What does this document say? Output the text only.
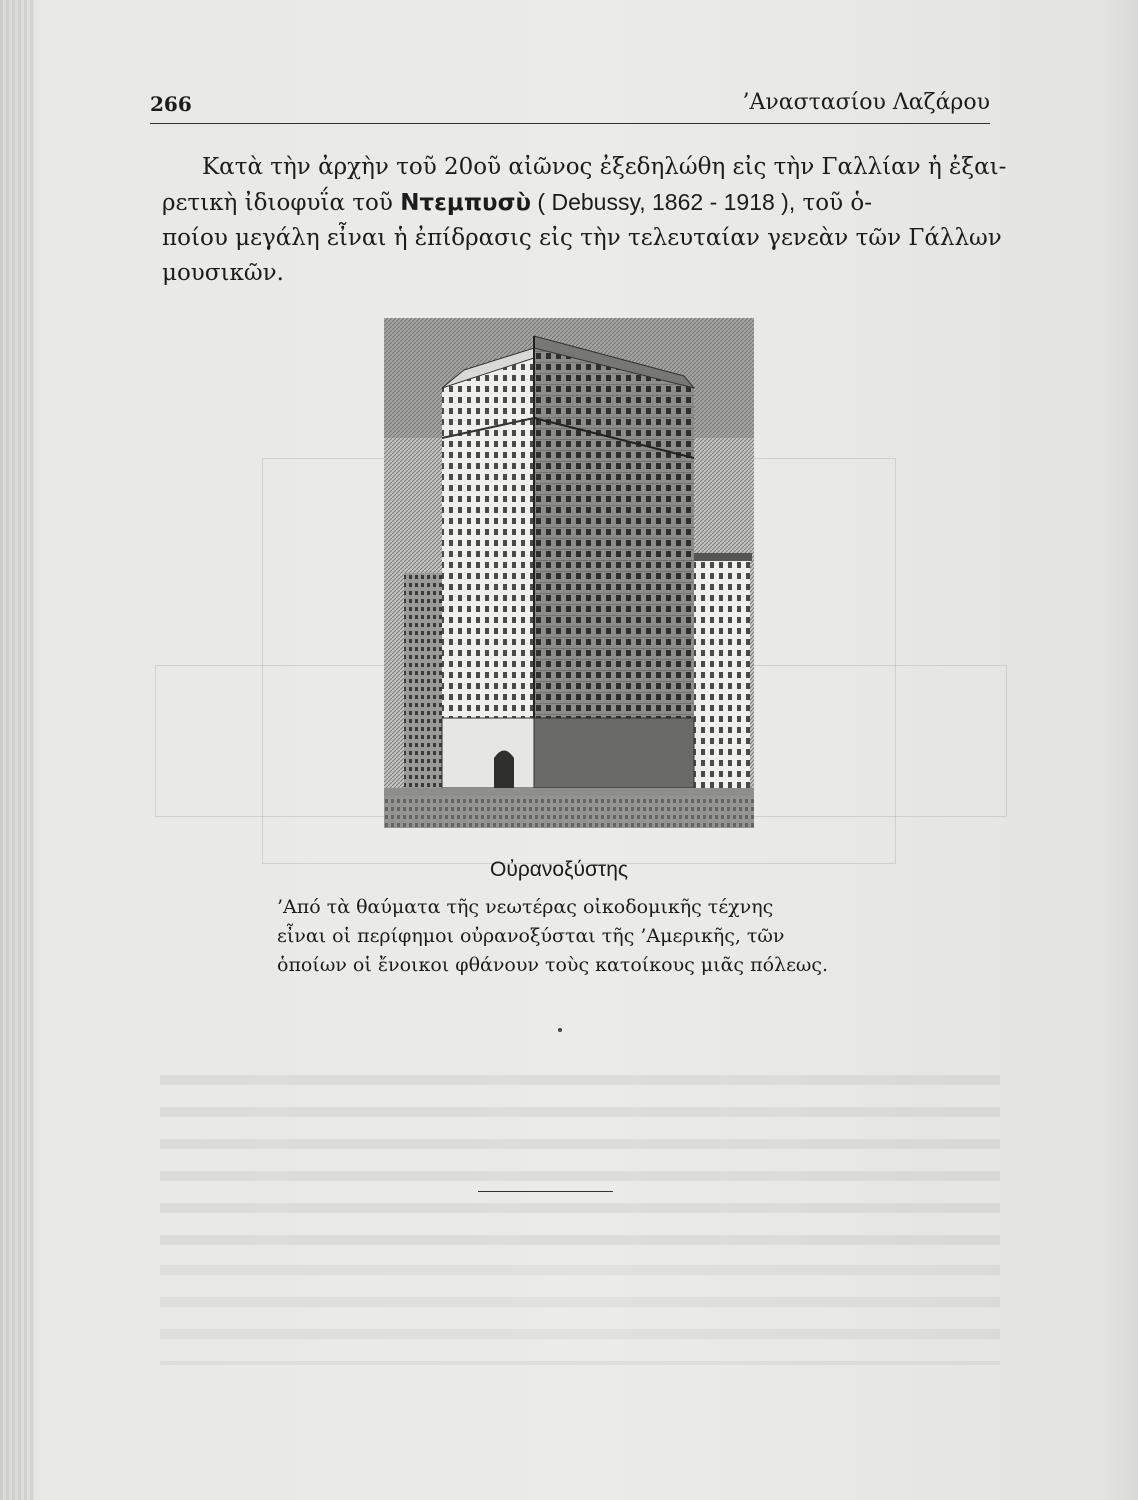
266	’Αναστασίου Λαζάρου
Κατὰ τὴν ἀρχὴν τοῦ 20οῦ αἰῶνος ἐξεδηλώθη εἰς τὴν Γαλλίαν ἡ ἐξαι-
ρετικὴ ἰδιοφυΐα τοῦ Ντεμπυσὺ ( Debussy, 1862 - 1918 ), τοῦ ὁ-
ποίου μεγάλη εἶναι ἡ ἐπίδρασις εἰς τὴν τελευταίαν γενεὰν τῶν Γάλλων
μουσικῶν.
Οὐρανοξύστης
’Από τὰ θαύματα τῆς νεωτέρας οἰκοδομικῆς τέχνης
εἶναι οἱ περίφημοι οὐρανοξύσται τῆς ’Αμερικῆς, τῶν
ὁποίων οἱ ἔνοικοι φθάνουν τοὺς κατοίκους μιᾶς πόλεως.
